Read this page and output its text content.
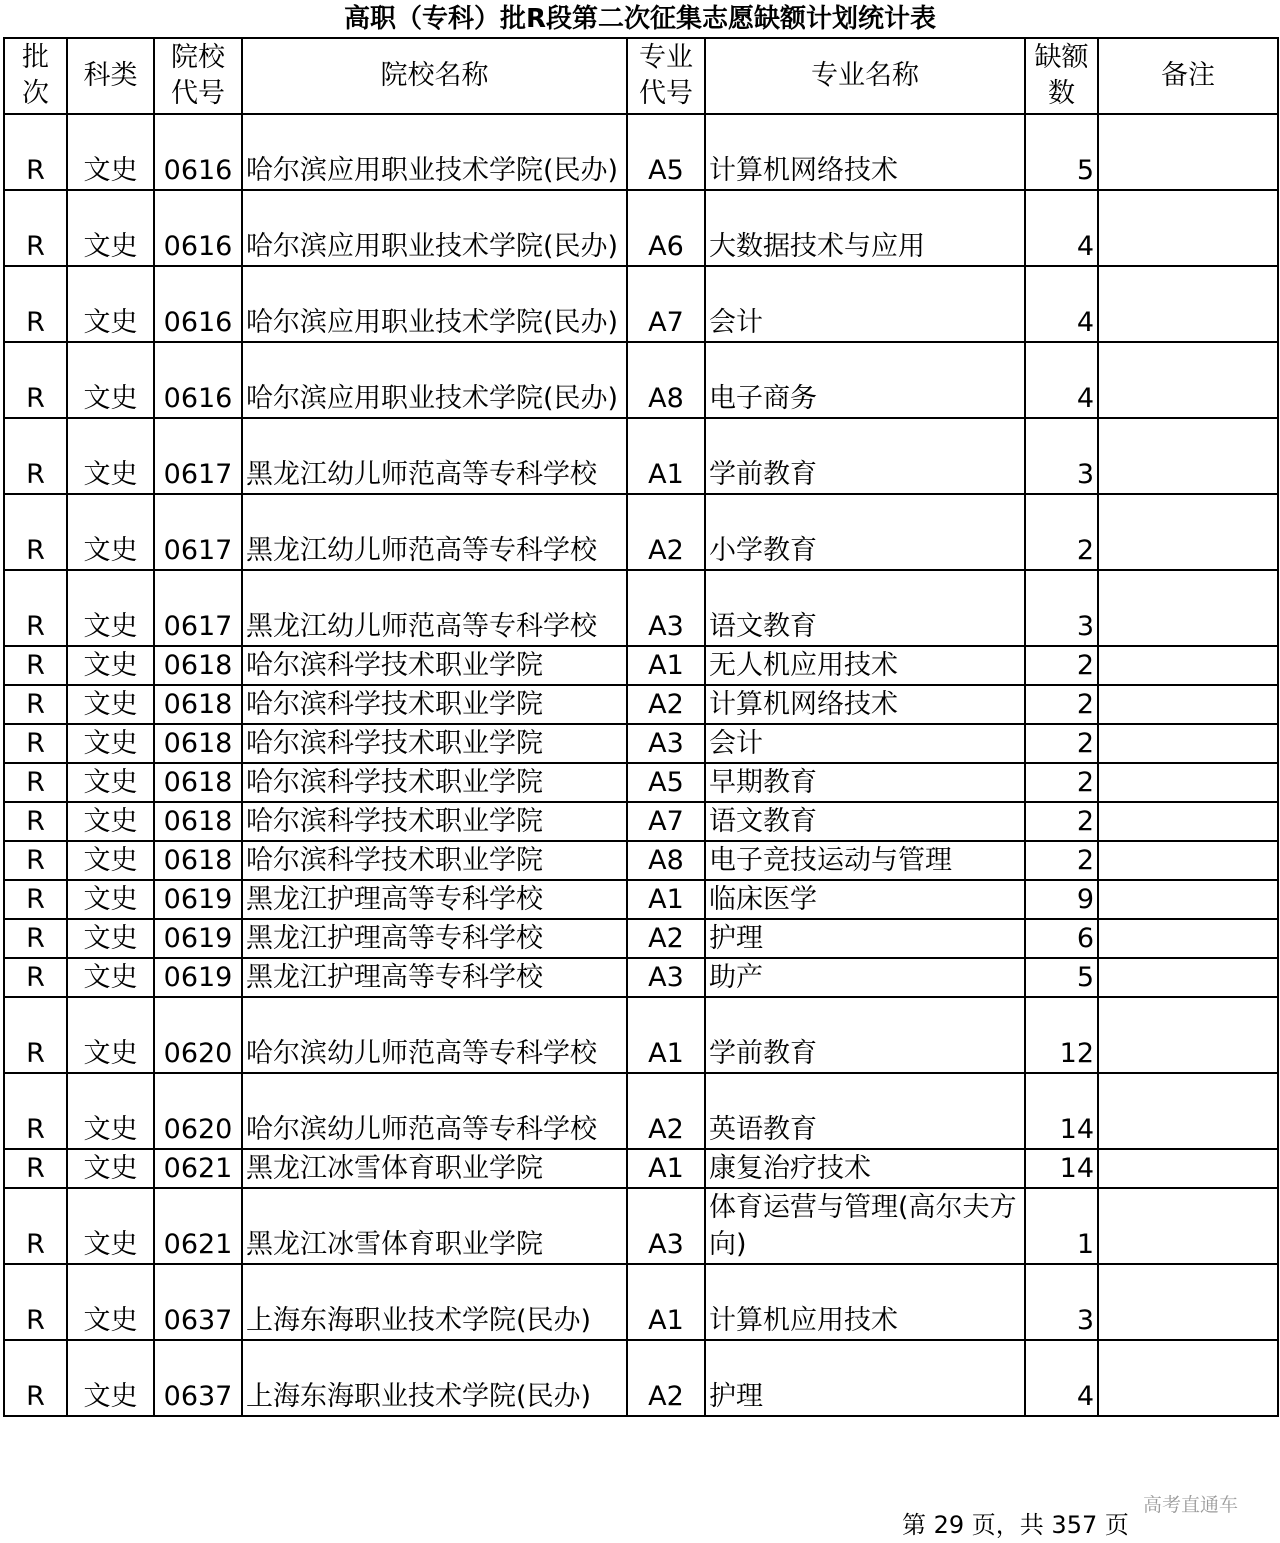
高职（专科）批R段第二次征集志愿缺额计划统计表
批次	科类	院校代号	院校名称	专业代号	专业名称	缺额数	备注
R	文史	0616	哈尔滨应用职业技术学院(民办)	A5	计算机网络技术	5	
R	文史	0616	哈尔滨应用职业技术学院(民办)	A6	大数据技术与应用	4	
R	文史	0616	哈尔滨应用职业技术学院(民办)	A7	会计	4	
R	文史	0616	哈尔滨应用职业技术学院(民办)	A8	电子商务	4	
R	文史	0617	黑龙江幼儿师范高等专科学校	A1	学前教育	3	
R	文史	0617	黑龙江幼儿师范高等专科学校	A2	小学教育	2	
R	文史	0617	黑龙江幼儿师范高等专科学校	A3	语文教育	3	
R	文史	0618	哈尔滨科学技术职业学院	A1	无人机应用技术	2	
R	文史	0618	哈尔滨科学技术职业学院	A2	计算机网络技术	2	
R	文史	0618	哈尔滨科学技术职业学院	A3	会计	2	
R	文史	0618	哈尔滨科学技术职业学院	A5	早期教育	2	
R	文史	0618	哈尔滨科学技术职业学院	A7	语文教育	2	
R	文史	0618	哈尔滨科学技术职业学院	A8	电子竞技运动与管理	2	
R	文史	0619	黑龙江护理高等专科学校	A1	临床医学	9	
R	文史	0619	黑龙江护理高等专科学校	A2	护理	6	
R	文史	0619	黑龙江护理高等专科学校	A3	助产	5	
R	文史	0620	哈尔滨幼儿师范高等专科学校	A1	学前教育	12	
R	文史	0620	哈尔滨幼儿师范高等专科学校	A2	英语教育	14	
R	文史	0621	黑龙江冰雪体育职业学院	A1	康复治疗技术	14	
R	文史	0621	黑龙江冰雪体育职业学院	A3	体育运营与管理(高尔夫方向)	1	
R	文史	0637	上海东海职业技术学院(民办)	A1	计算机应用技术	3	
R	文史	0637	上海东海职业技术学院(民办)	A2	护理	4	
高考直通车
第 29 页，共 357 页
